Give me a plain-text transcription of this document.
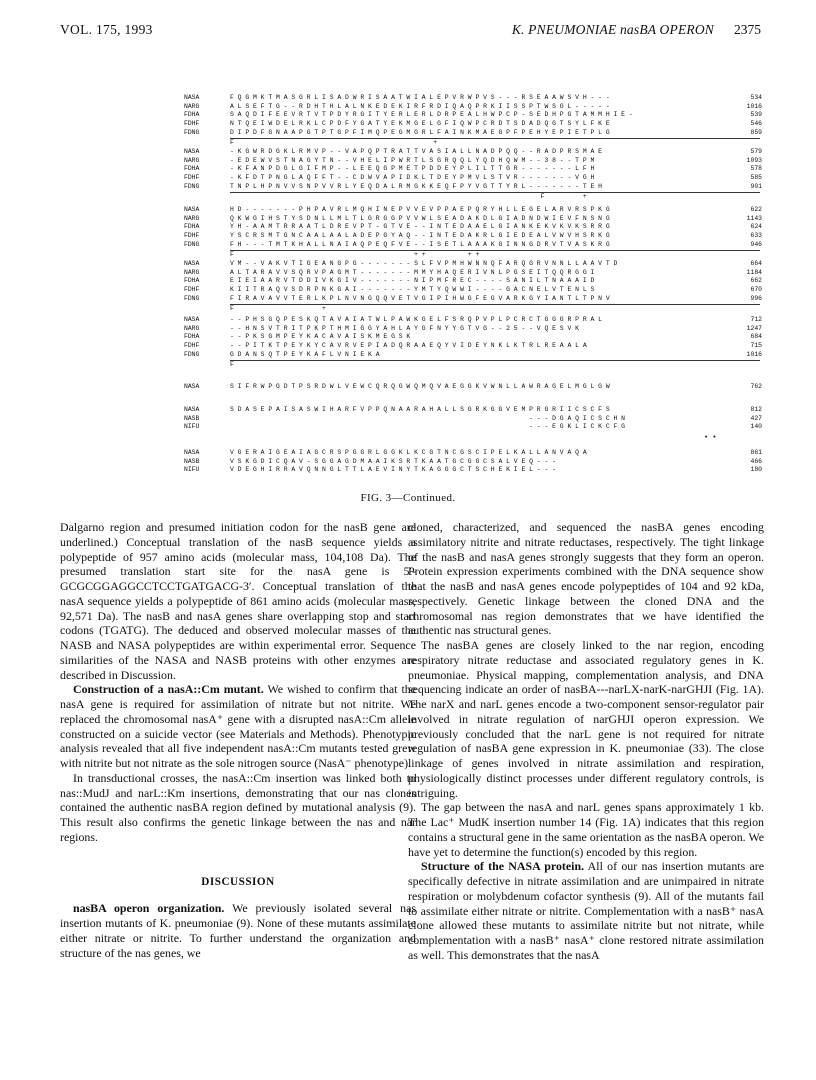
VOL. 175, 1993	K. PNEUMONIAE nasBA OPERON 2375
NASA	F Q G M K T M A S G R L I S A D W R I S A A T W I A L E P V R W P V S - - - R S E A A W S V H - - -	534
NARG	A L S E F T G - - R D H T H L A L N K E D E K I R F R D I Q A Q P R K I I S S P T W S G L - - - - -	1016
FDHA	S A Q D I F E E V R T V T P D Y R G I T Y E R L E R L D R P E A L H W P C P - S E D H P G T A M M H I E -	539
FDHF	N T Q E I W D E L R K L C P D F Y G A T Y E K M G E L G F I Q W P C R D T S D A D Q G T S Y L F K E	546
FDNG	D I P D F G N A A P G T P T G P F I M Q P E G M G R L F A I N K M A E G P F P E H Y E P I E T P L G	859
F                                                    +
NASA	- K G W R D G K L R M V P - - V A P Q P T R A T T V A S I A L L N A D P Q Q - - R A D P R S M A E	579
NARG	- E D E W V S T N A G Y T N - - V H E L I P W R T L S G R Q Q L Y Q D H Q W M - - 3 8 - - T P M	1093
FDHA	- K F A N P D G L G I F M P - - L E E Q G P M E T P D D E Y P L I L T T G R - - - - - - - L F H	578
FDHF	- K F D T P N G L A Q F F T - - C D W V A P I D K L T D E Y P M V L S T V R - - - - - - - V G H	585
FDNG	T N P L H P N V V S N P V V R L Y E Q D A L R M G K K E Q F P Y V G T T Y R L - - - - - - - T E H	901
F          +
NASA	H D - - - - - - - P H P A V R L M Q H I N E P V V E V P P A E P Q R Y H L L E G E L A R V R S P K G	622
NARG	Q K W G I H S T Y S D N L L M L T L G R G G P V V W L S E A D A K D L G I A D N D W I E V F N S N G	1143
FDHA	Y H - A A M T R R A A T L D R E V P T - G T V E - - I N T E D A A E L G I A N K E K V K V K S R R G	624
FDHF	Y S C R S M T G N C A A L A A L A D E P G Y A Q - - I N T E D A K R L G I E D E A L V W V H S R K G	633
FDNG	F H - - - T M T K H A L L N A I A Q P E Q F V E - - I S E T L A A A K G I N N G D R V T V A S K R G	946
F                                               + +           + +
NASA	V M - - V A K V T I G E A N G P G - - - - - - - S L F V P M H W N N Q F A R Q G R V N N L L A A V T D	664
NARG	A L T A R A V V S Q R V P A G M T - - - - - - - M M Y H A Q E R I V N L P G S E I T Q Q R G G I	1184
FDHA	E I E I A A R V T D D I V K G I V - - - - - - - N I P M F R E C - - - - S A N I L T N A A A I D	662
FDHF	K I I T R A Q V S D R P N K G A I - - - - - - - Y M T Y Q W W I - - - - G A C N E L V T E N L S	670
FDNG	F I R A V A V V T E R L K P L N V N G Q Q V E T V G I P I H W G F E G V A R K G Y I A N T L T P N V	996
F                       +
NASA	- - P H S G Q P E S K Q T A V A I A T W L P A W K G E L F S R Q P V P L P C R C T G G G R P R A L	712
NARG	- - H N S V T R I T P K P T H M I G G Y A H L A Y G F N Y Y G T V G - - 2 5 - - V Q E S V K	1247
FDHA	- - P K S G M P E Y K A C A V A I S K M E G S K	684
FDHF	- - P I T K T P E Y K Y C A V R V E P I A D Q R A A E Q Y V I D E Y N K L K T R L R E A A L A	715
FDNG	G D A N S Q T P E Y K A F L V N I E K A	1016
F
NASA	S I F R W P G D T P S R D W L V E W C Q R Q G W Q M Q V A E G G K V W N L L A W R A G E L M G L G W	762
NASA	S D A S E P A I S A S W I H A R F V P P Q N A A R A H A L L S G R K G G V E M P R G R I I C S C F S	812
NASB	- - - D G A Q I C S C H N	427
NIFU	- - - E G K L I C K C F G	140
NASA	V G E R A I G E A I A G C R S P G G R L G G K L K C G T N C G S C I P E L K A L L A N V A Q A	861
NASB	V S K G D I C Q A V - S G G A G D M A A I K S R T K A A T G C G G C S A L V E Q - - -	466
NIFU	V D E G H I R R A V Q N N G L T T L A E V I N Y T K A G G G C T S C H E K I E L - - -	180
• •
FIG. 3—Continued.

Dalgarno region and presumed initiation codon for the nasB gene are underlined.) Conceptual translation of the nasB sequence yields a polypeptide of 957 amino acids (molecular mass, 104,108 Da). The presumed translation start site for the nasA gene is 5′-GCGCGGAGGCCTCCTGATGACG-3′. Conceptual translation of the nasA sequence yields a polypeptide of 861 amino acids (molecular mass, 92,571 Da). The nasB and nasA genes share overlapping stop and start codons (TGATG). The deduced and observed molecular masses of the NASB and NASA polypeptides are within experimental error. Sequence similarities of the NASA and NASB proteins with other enzymes are described in Discussion.

Construction of a nasA::Cm mutant. We wished to confirm that the nasA gene is required for assimilation of nitrate but not nitrite. We replaced the chromosomal nasA⁺ gene with a disrupted nasA::Cm allele constructed on a suicide vector (see Materials and Methods). Phenotypic analysis revealed that all five independent nasA::Cm mutants tested grew with nitrite but not nitrate as the sole nitrogen source (NasA⁻ phenotype).

In transductional crosses, the nasA::Cm insertion was linked both to nas::MudJ and narL::Km insertions, demonstrating that our nas clones contained the authentic nasBA region defined by mutational analysis (9). This result also confirms the genetic linkage between the nas and nar regions.

DISCUSSION

nasBA operon organization. We previously isolated several nas insertion mutants of K. pneumoniae (9). None of these mutants assimilate either nitrate or nitrite. To further understand the organization and structure of the nas genes, we

cloned, characterized, and sequenced the nasBA genes encoding assimilatory nitrite and nitrate reductases, respectively. The tight linkage of the nasB and nasA genes strongly suggests that they form an operon. Protein expression experiments combined with the DNA sequence show that the nasB and nasA genes encode polypeptides of 104 and 92 kDa, respectively. Genetic linkage between the cloned DNA and the chromosomal nas region demonstrates that we have identified the authentic nas structural genes.

The nasBA genes are closely linked to the nar region, encoding respiratory nitrate reductase and associated regulatory genes in K. pneumoniae. Physical mapping, complementation analysis, and DNA sequencing indicate an order of nasBA---narLX-narK-narGHJI (Fig. 1A). The narX and narL genes encode a two-component sensor-regulator pair involved in nitrate regulation of narGHJI operon expression. We previously concluded that the narL gene is not required for nitrate regulation of nasBA gene expression in K. pneumoniae (33). The close linkage of genes involved in nitrate assimilation and respiration, physiologically distinct processes under different regulatory controls, is intriguing.

The gap between the nasA and narL genes spans approximately 1 kb. The Lac⁺ MudK insertion number 14 (Fig. 1A) indicates that this region contains a structural gene in the same orientation as the nasBA operon. We have yet to determine the function(s) encoded by this region.

Structure of the NASA protein. All of our nas insertion mutants are specifically defective in nitrate assimilation and are unimpaired in nitrate respiration or molybdenum cofactor synthesis (9). All of the mutants fail to assimilate either nitrate or nitrite. Complementation with a nasB⁺ nasA clone allowed these mutants to assimilate nitrite but not nitrate, while complementation with a nasB⁺ nasA⁺ clone restored nitrate assimilation as well. This demonstrates that the nasA
